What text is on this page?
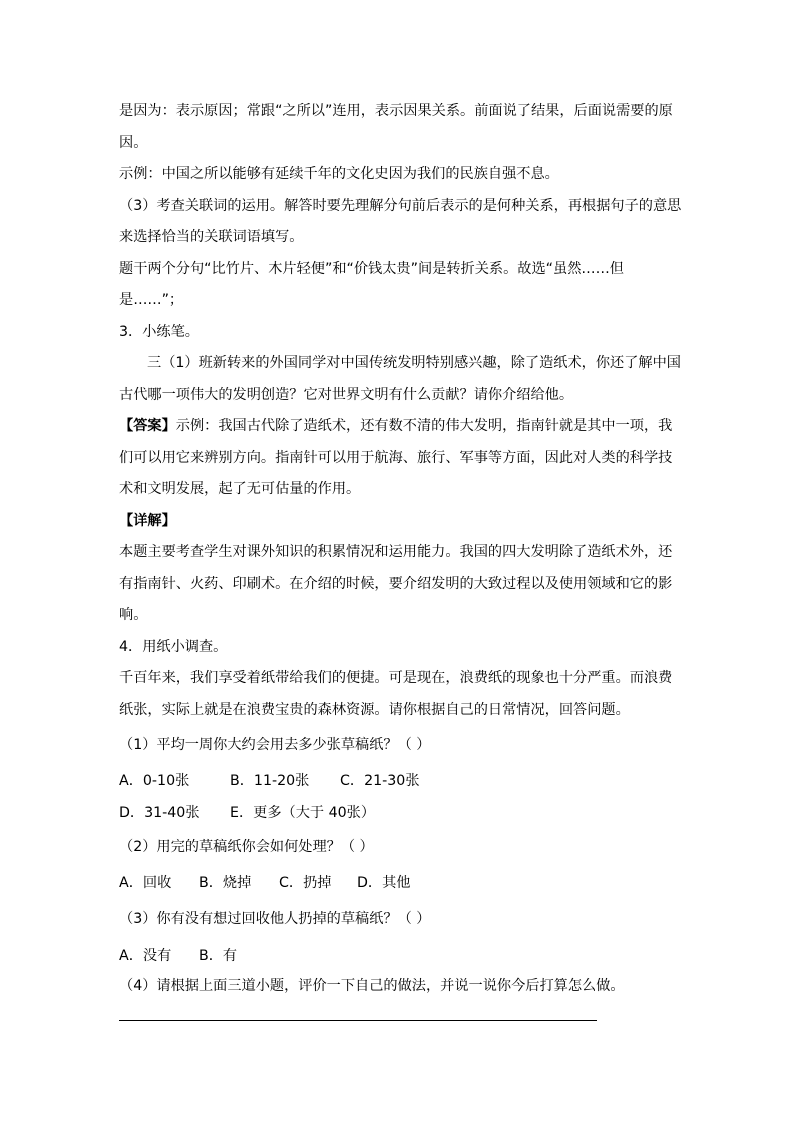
是因为：表示原因；常跟“之所以”连用，表示因果关系。前面说了结果，后面说需要的原

因。

示例：中国之所以能够有延续千年的文化史因为我们的民族自强不息。

（3）考查关联词的运用。解答时要先理解分句前后表示的是何种关系，再根据句子的意思

来选择恰当的关联词语填写。

题干两个分句“比竹片、木片轻便”和“价钱太贵”间是转折关系。故选“虽然……但

是……”；

3．小练笔。

三（1）班新转来的外国同学对中国传统发明特别感兴趣，除了造纸术，你还了解中国

古代哪一项伟大的发明创造？它对世界文明有什么贡献？请你介绍给他。

【答案】示例：我国古代除了造纸术，还有数不清的伟大发明，指南针就是其中一项，我

们可以用它来辨别方向。指南针可以用于航海、旅行、军事等方面，因此对人类的科学技

术和文明发展，起了无可估量的作用。

【详解】

本题主要考查学生对课外知识的积累情况和运用能力。我国的四大发明除了造纸术外，还

有指南针、火药、印刷术。在介绍的时候，要介绍发明的大致过程以及使用领域和它的影

响。

4．用纸小调查。

千百年来，我们享受着纸带给我们的便捷。可是现在，浪费纸的现象也十分严重。而浪费

纸张，实际上就是在浪费宝贵的森林资源。请你根据自己的日常情况，回答问题。

（1）平均一周你大约会用去多少张草稿纸？（ ）

A．0-10张	B．11-20张 C．21-30张

D．31-40张 E．更多（大于 40张）

（2）用完的草稿纸你会如何处理？（ ）

A．回收 B．烧掉 C．扔掉 D．其他

（3）你有没有想过回收他人扔掉的草稿纸？（ ）

A．没有 B．有

（4）请根据上面三道小题，评价一下自己的做法，并说一说你今后打算怎么做。
